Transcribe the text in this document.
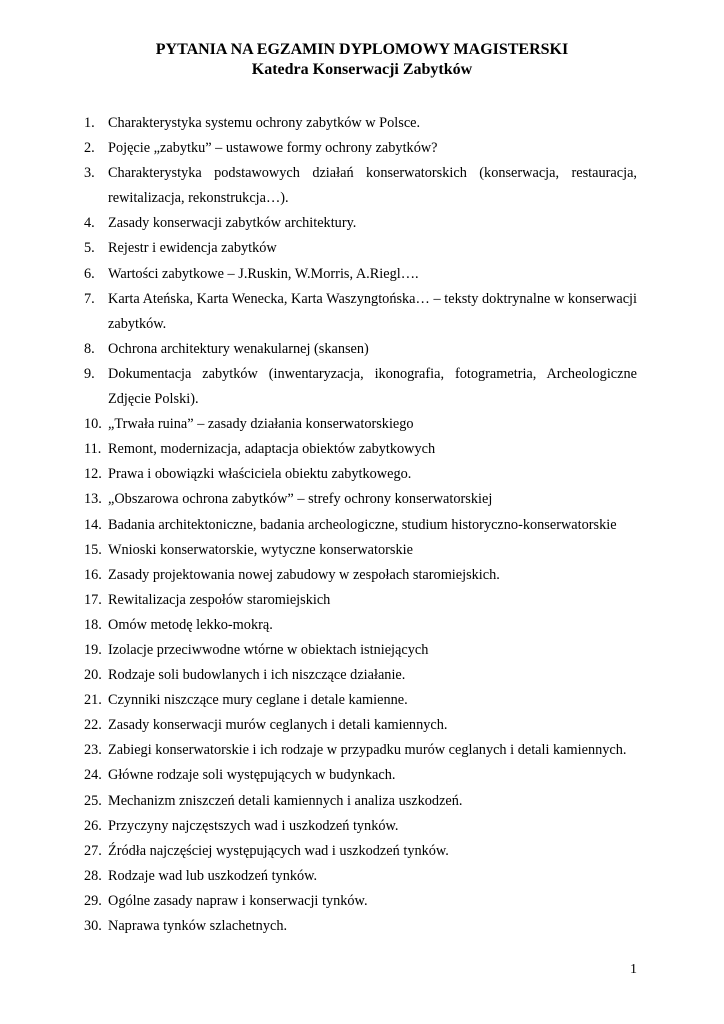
PYTANIA NA EGZAMIN DYPLOMOWY MAGISTERSKI
Katedra Konserwacji Zabytków
1. Charakterystyka systemu ochrony zabytków w Polsce.
2. Pojęcie „zabytku” – ustawowe formy ochrony zabytków?
3. Charakterystyka podstawowych działań konserwatorskich (konserwacja, restauracja, rewitalizacja, rekonstrukcja…).
4. Zasady konserwacji zabytków architektury.
5. Rejestr i ewidencja zabytków
6. Wartości zabytkowe – J.Ruskin, W.Morris, A.Riegl….
7. Karta Ateńska, Karta Wenecka, Karta Waszyngtońska… – teksty doktrynalne w konserwacji zabytków.
8. Ochrona architektury wenakularnej (skansen)
9. Dokumentacja zabytków (inwentaryzacja, ikonografia, fotogrametria, Archeologiczne Zdjęcie Polski).
10. „Trwała ruina” – zasady działania konserwatorskiego
11. Remont, modernizacja, adaptacja obiektów zabytkowych
12. Prawa i obowiązki właściciela obiektu zabytkowego.
13. „Obszarowa ochrona zabytków” – strefy ochrony konserwatorskiej
14. Badania architektoniczne, badania archeologiczne, studium historyczno-konserwatorskie
15. Wnioski konserwatorskie, wytyczne konserwatorskie
16. Zasady projektowania nowej zabudowy w zespołach staromiejskich.
17. Rewitalizacja zespołów staromiejskich
18. Omów metodę lekko-mokrą.
19. Izolacje przeciwwodne wtórne w obiektach istniejących
20. Rodzaje soli budowlanych i ich niszczące działanie.
21. Czynniki niszczące mury ceglane i detale kamienne.
22. Zasady konserwacji murów ceglanych i detali kamiennych.
23. Zabiegi konserwatorskie i ich rodzaje w przypadku murów ceglanych i detali kamiennych.
24. Główne rodzaje soli występujących w budynkach.
25. Mechanizm zniszczeń detali kamiennych i analiza uszkodzeń.
26. Przyczyny najczęstszych wad i uszkodzeń tynków.
27. Źródła najczęściej występujących wad i uszkodzeń tynków.
28. Rodzaje wad lub uszkodzeń tynków.
29. Ogólne zasady napraw i konserwacji tynków.
30. Naprawa tynków szlachetnych.
1
